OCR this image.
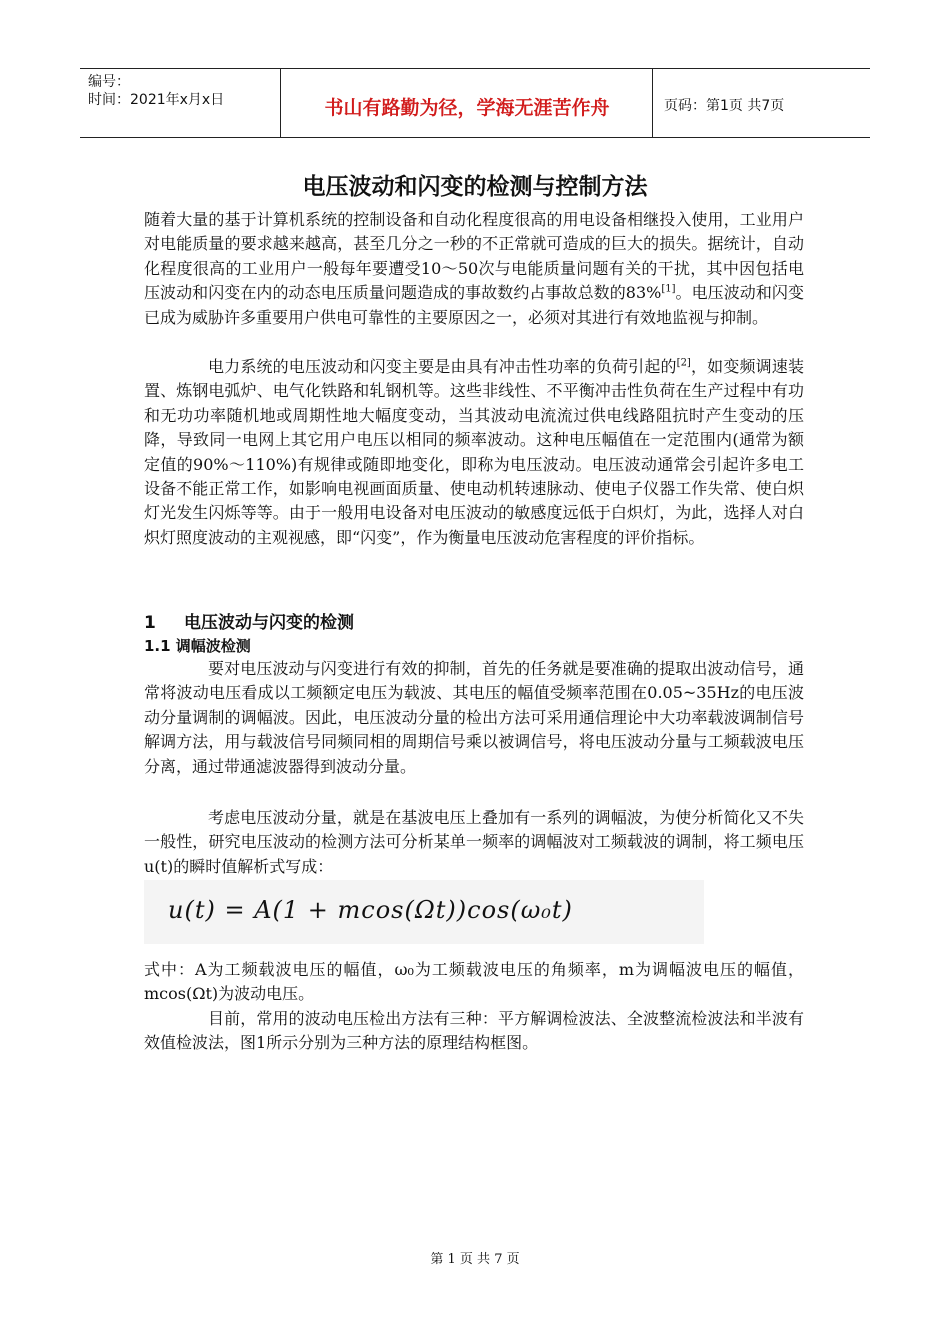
编号：
时间：2021年x月x日	书山有路勤为径，学海无涯苦作舟	页码：第1页 共7页
电压波动和闪变的检测与控制方法

随着大量的基于计算机系统的控制设备和自动化程度很高的用电设备相继投入使用，工业用户对电能质量的要求越来越高，甚至几分之一秒的不正常就可造成的巨大的损失。据统计，自动化程度很高的工业用户一般每年要遭受10～50次与电能质量问题有关的干扰，其中因包括电压波动和闪变在内的动态电压质量问题造成的事故数约占事故总数的83%[1]。电压波动和闪变已成为威胁许多重要用户供电可靠性的主要原因之一，必须对其进行有效地监视与抑制。

电力系统的电压波动和闪变主要是由具有冲击性功率的负荷引起的[2]，如变频调速装置、炼钢电弧炉、电气化铁路和轧钢机等。这些非线性、不平衡冲击性负荷在生产过程中有功和无功功率随机地或周期性地大幅度变动，当其波动电流流过供电线路阻抗时产生变动的压降，导致同一电网上其它用户电压以相同的频率波动。这种电压幅值在一定范围内(通常为额定值的90%～110%)有规律或随即地变化，即称为电压波动。电压波动通常会引起许多电工设备不能正常工作，如影响电视画面质量、使电动机转速脉动、使电子仪器工作失常、使白炽灯光发生闪烁等等。由于一般用电设备对电压波动的敏感度远低于白炽灯，为此，选择人对白炽灯照度波动的主观视感，即“闪变”，作为衡量电压波动危害程度的评价指标。

1 电压波动与闪变的检测
1.1 调幅波检测

要对电压波动与闪变进行有效的抑制，首先的任务就是要准确的提取出波动信号，通常将波动电压看成以工频额定电压为载波、其电压的幅值受频率范围在0.05~35Hz的电压波动分量调制的调幅波。因此，电压波动分量的检出方法可采用通信理论中大功率载波调制信号解调方法，用与载波信号同频同相的周期信号乘以被调信号，将电压波动分量与工频载波电压分离，通过带通滤波器得到波动分量。

考虑电压波动分量，就是在基波电压上叠加有一系列的调幅波，为使分析简化又不失一般性，研究电压波动的检测方法可分析某单一频率的调幅波对工频载波的调制，将工频电压u(t)的瞬时值解析式写成：

u(t) = A(1 + mcos(Ωt))cos(ω₀t)

式中：A为工频载波电压的幅值，ω₀为工频载波电压的角频率，m为调幅波电压的幅值，mcos(Ωt)为波动电压。

目前，常用的波动电压检出方法有三种：平方解调检波法、全波整流检波法和半波有效值检波法，图1所示分别为三种方法的原理结构框图。

第 1 页 共 7 页
